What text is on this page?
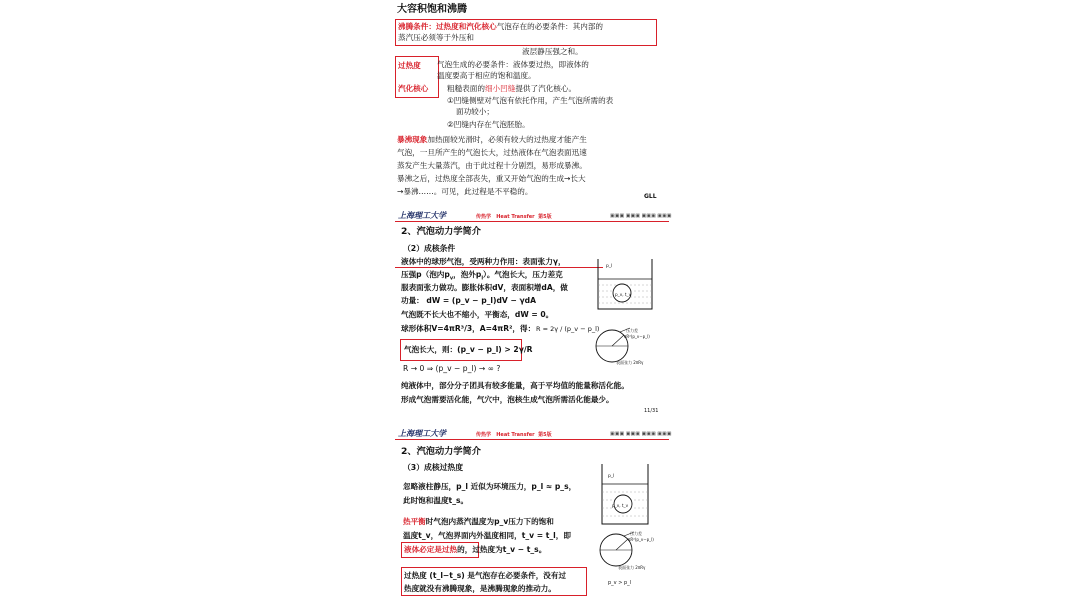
大容积饱和沸腾
沸腾条件：过热度和汽化核心气泡存在的必要条件：其内部的
蒸汽压必须等于外压和
液层静压强之和。
过热度 气泡生成的必要条件：液体要过热，即液体的
温度要高于相应的饱和温度。
汽化核心 粗糙表面的细小凹缝提供了汽化核心。
①凹缝侧壁对气泡有依托作用，产生气泡所需的表
面功较小；
②凹缝内存在气泡胚胎。
暴沸现象加热面较光滑时，必须有较大的过热度才能产生
气泡，一旦所产生的气泡长大，过热液体在气泡表面迅速
蒸发产生大量蒸汽，由于此过程十分剧烈，易形成暴沸。
暴沸之后，过热度全部丧失，重又开始气泡的生成→长大
→暴沸……。可见，此过程是不平稳的。
GLL
上海理工大学	传热学 Heat Transfer 第5版	▣▣▣ ▣▣▣ ▣▣▣ ▣▣▣
2、汽泡动力学简介
（2）成核条件
液体中的球形气泡，受两种力作用：表面张力γ，
压强p（泡内$p_v$，泡外$p_l$）。气泡长大，压力差克
服表面张力做功。膨胀体积dV，表面积增dA，做
功量： dW = (p_v − p_l)dV − γdA
气泡既不长大也不缩小，平衡态，dW = 0。
球形体积V=4πR³/3，A=4πR²，得： R = 2γ / (p_v − p_l)
气泡长大，则：(p_v − p_l) > 2γ/R
R → 0 ⇒ (p_v − p_l) → ∞ ?
纯液体中，部分分子团具有较多能量，高于平均值的能量称活化能。
形成气泡需要活化能，气穴中，泡核生成气泡所需活化能最少。
11/31
p_l
p_v, t_v
压力差
πR²(p_v−p_l)
表面张力 2πRγ
上海理工大学	传热学 Heat Transfer 第5版	▣▣▣ ▣▣▣ ▣▣▣ ▣▣▣
2、汽泡动力学简介
（3）成核过热度
忽略液柱静压，p_l 近似为环境压力，p_l ≈ p_s，
此时饱和温度t_s。
热平衡时气泡内蒸汽温度为p_v压力下的饱和
温度t_v，气泡界面内外温度相同，t_v = t_l，即
液体必定是过热的，过热度为t_v − t_s。
过热度 (t_l−t_s) 是气泡存在必要条件，没有过
热度就没有沸腾现象，是沸腾现象的推动力。
p_l
p_v, t_v
压力差
πR²(p_v−p_l)
表面张力 2πRγ
p_v > p_l
